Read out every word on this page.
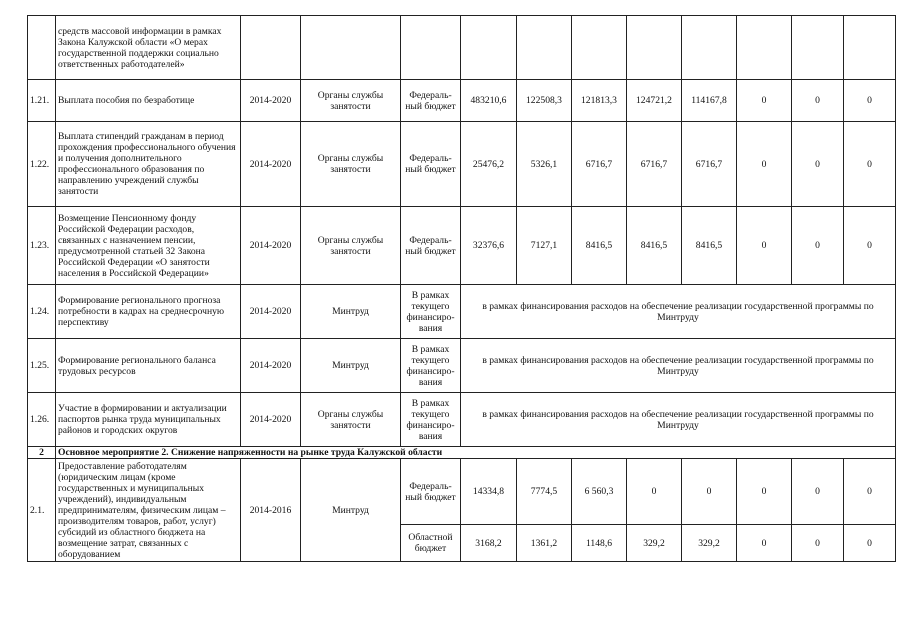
	средств массовой информации в рамках Закона Калужской области «О мерах государственной поддержки социально ответственных работодателей»											
1.21.	Выплата пособия по безработице	2014-2020	Органы службы занятости	Федераль-ный бюджет	483210,6	122508,3	121813,3	124721,2	114167,8	0	0	0
1.22.	Выплата стипендий гражданам в период прохождения профессионального обучения и получения дополнительного профессионального образования по направлению учреждений службы занятости	2014-2020	Органы службы занятости	Федераль-ный бюджет	25476,2	5326,1	6716,7	6716,7	6716,7	0	0	0
1.23.	Возмещение Пенсионному фонду Российской Федерации расходов, связанных с назначением пенсии, предусмотренной статьей 32 Закона Российской Федерации «О занятости населения в Российской Федерации»	2014-2020	Органы службы занятости	Федераль-ный бюджет	32376,6	7127,1	8416,5	8416,5	8416,5	0	0	0
1.24.	Формирование регионального прогноза потребности в кадрах на среднесрочную перспективу	2014-2020	Минтруд	В рамках текущего финансиро-вания	в рамках финансирования расходов на обеспечение реализации государственной программы по Минтруду							
1.25.	Формирование регионального баланса трудовых ресурсов	2014-2020	Минтруд	В рамках текущего финансиро-вания	в рамках финансирования расходов на обеспечение реализации государственной программы по Минтруду							
1.26.	Участие в формировании и актуализации паспортов рынка труда муниципальных районов и городских округов	2014-2020	Органы службы занятости	В рамках текущего финансиро-вания	в рамках финансирования расходов на обеспечение реализации государственной программы по Минтруду							
2	Основное мероприятие 2. Снижение напряженности на рынке труда Калужской области											
2.1.	Предоставление работодателям (юридическим лицам (кроме государственных и муниципальных учреждений), индивидуальным предпринимателям, физическим лицам – производителям товаров, работ, услуг) субсидий из областного бюджета на возмещение затрат, связанных с оборудованием	2014-2016	Минтруд	Федераль-ный бюджет	14334,8	7774,5	6 560,3	0	0	0	0	0
				Областной бюджет	3168,2	1361,2	1148,6	329,2	329,2	0	0	0
